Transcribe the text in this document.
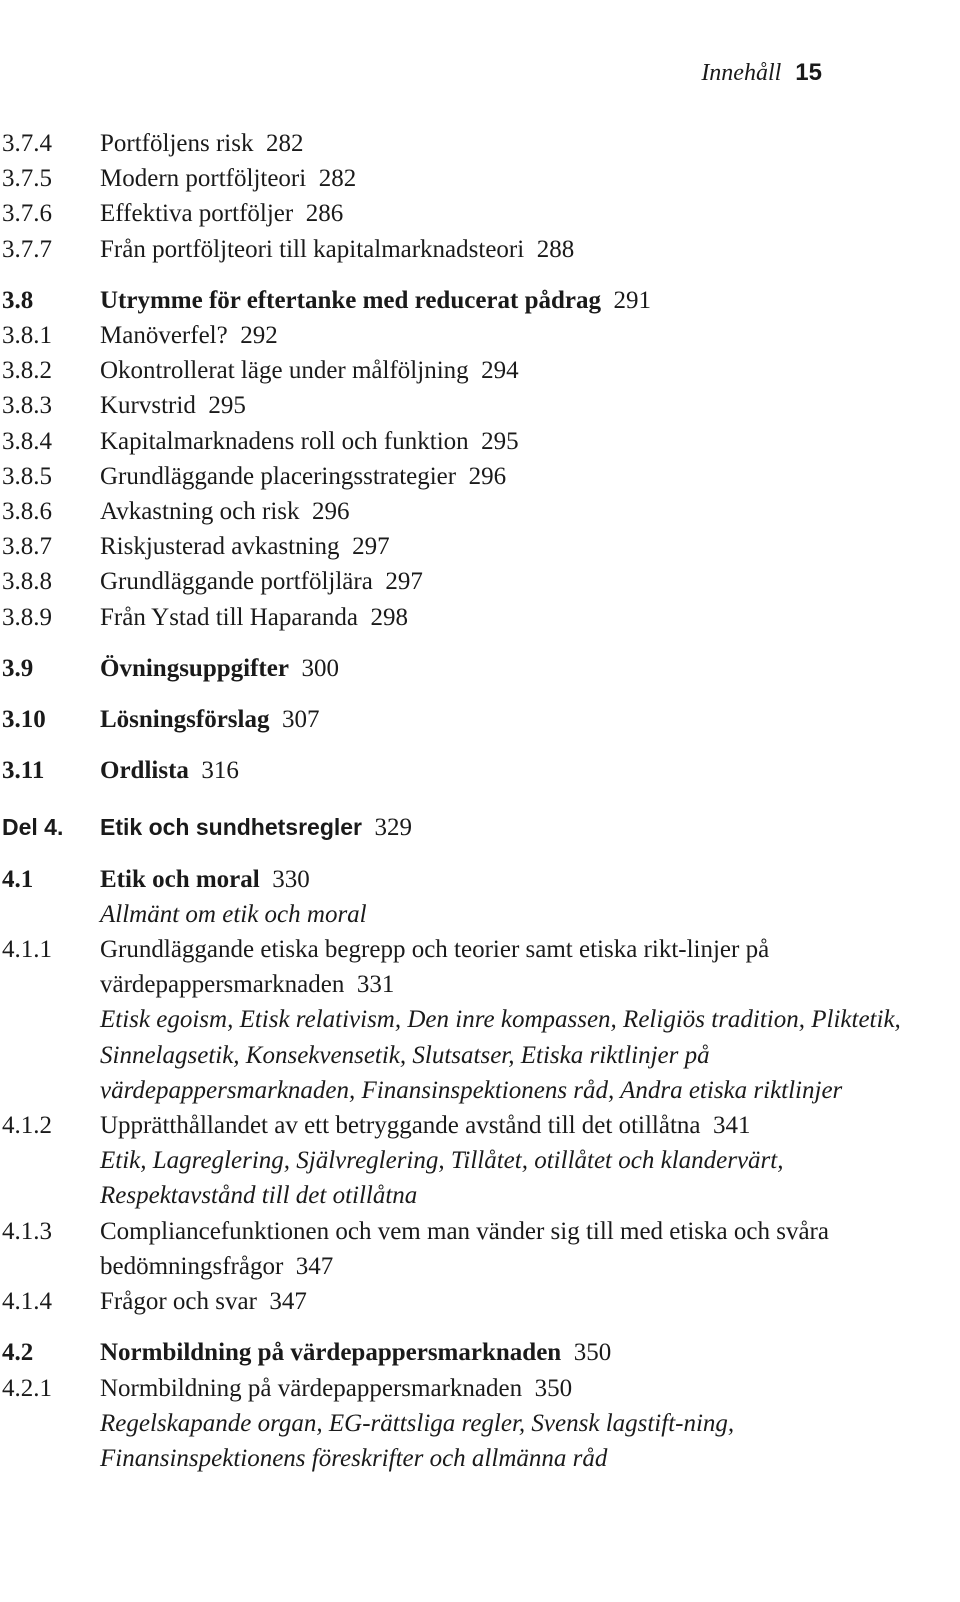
Innehåll 15
3.7.4	Portföljens risk 282
3.7.5	Modern portföljteori 282
3.7.6	Effektiva portföljer 286
3.7.7	Från portföljteori till kapitalmarknadsteori 288
3.8	Utrymme för eftertanke med reducerat pådrag 291
3.8.1	Manöverfel? 292
3.8.2	Okontrollerat läge under målföljning 294
3.8.3	Kurvstrid 295
3.8.4	Kapitalmarknadens roll och funktion 295
3.8.5	Grundläggande placeringsstrategier 296
3.8.6	Avkastning och risk 296
3.8.7	Riskjusterad avkastning 297
3.8.8	Grundläggande portföljlära 297
3.8.9	Från Ystad till Haparanda 298
3.9	Övningsuppgifter 300
3.10	Lösningsförslag 307
3.11	Ordlista 316
Del 4.	Etik och sundhetsregler 329
4.1	Etik och moral 330
Allmänt om etik och moral
4.1.1	Grundläggande etiska begrepp och teorier samt etiska rikt-linjer på värdepappersmarknaden 331
Etisk egoism, Etisk relativism, Den inre kompassen, Religiös tradition, Pliktetik, Sinnelagsetik, Konsekvensetik, Slutsatser, Etiska riktlinjer på värdepappersmarknaden, Finansinspektionens råd, Andra etiska riktlinjer
4.1.2	Upprätthållandet av ett betryggande avstånd till det otillåtna 341
Etik, Lagreglering, Självreglering, Tillåtet, otillåtet och klandervärt, Respektavstånd till det otillåtna
4.1.3	Compliancefunktionen och vem man vänder sig till med etiska och svåra bedömningsfrågor 347
4.1.4	Frågor och svar 347
4.2	Normbildning på värdepappersmarknaden 350
4.2.1	Normbildning på värdepappersmarknaden 350
Regelskapande organ, EG-rättsliga regler, Svensk lagstift-ning, Finansinspektionens föreskrifter och allmänna råd
